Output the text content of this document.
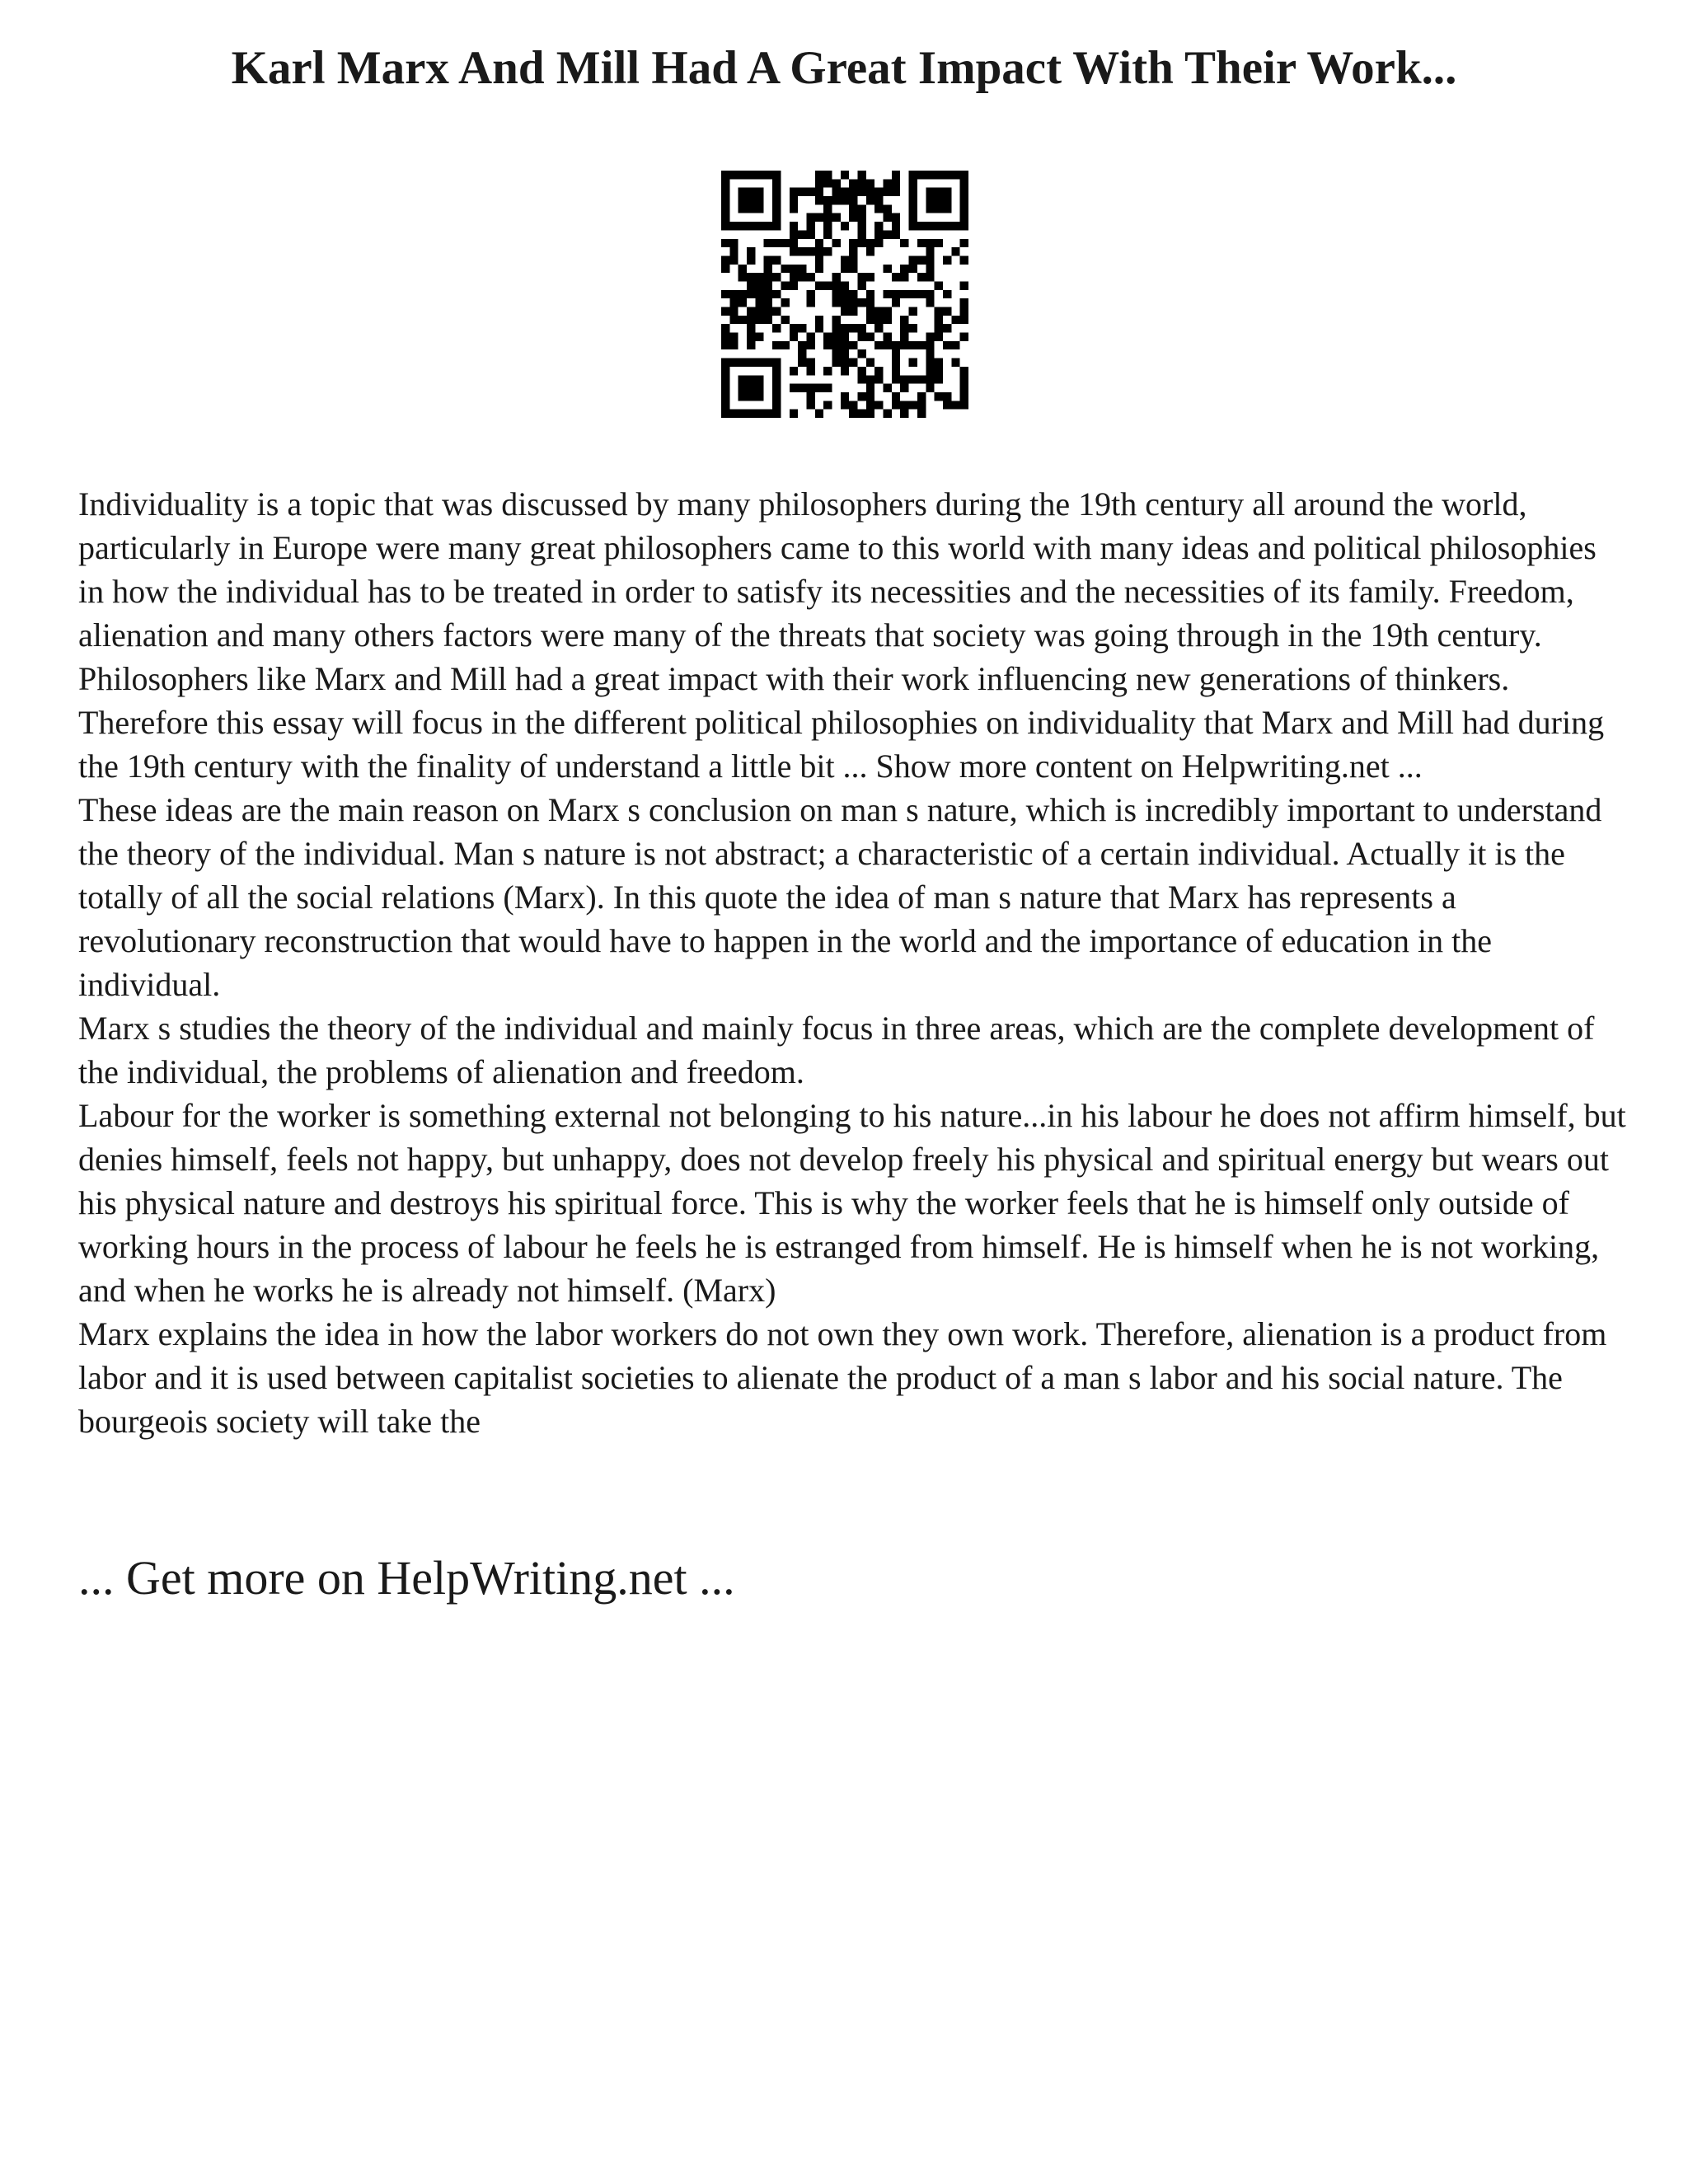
Karl Marx And Mill Had A Great Impact With Their Work...

Individuality is a topic that was discussed by many philosophers during the 19th century all around the world, particularly in Europe were many great philosophers came to this world with many ideas and political philosophies in how the individual has to be treated in order to satisfy its necessities and the necessities of its family. Freedom, alienation and many others factors were many of the threats that society was going through in the 19th century. Philosophers like Marx and Mill had a great impact with their work influencing new generations of thinkers. Therefore this essay will focus in the different political philosophies on individuality that Marx and Mill had during the 19th century with the finality of understand a little bit ... Show more content on Helpwriting.net ...

These ideas are the main reason on Marx s conclusion on man s nature, which is incredibly important to understand the theory of the individual. Man s nature is not abstract; a characteristic of a certain individual. Actually it is the totally of all the social relations (Marx). In this quote the idea of man s nature that Marx has represents a revolutionary reconstruction that would have to happen in the world and the importance of education in the individual.

Marx s studies the theory of the individual and mainly focus in three areas, which are the complete development of the individual, the problems of alienation and freedom.

Labour for the worker is something external not belonging to his nature...in his labour he does not affirm himself, but denies himself, feels not happy, but unhappy, does not develop freely his physical and spiritual energy but wears out his physical nature and destroys his spiritual force. This is why the worker feels that he is himself only outside of working hours in the process of labour he feels he is estranged from himself. He is himself when he is not working, and when he works he is already not himself. (Marx)

Marx explains the idea in how the labor workers do not own they own work. Therefore, alienation is a product from labor and it is used between capitalist societies to alienate the product of a man s labor and his social nature. The bourgeois society will take the

... Get more on HelpWriting.net ...
